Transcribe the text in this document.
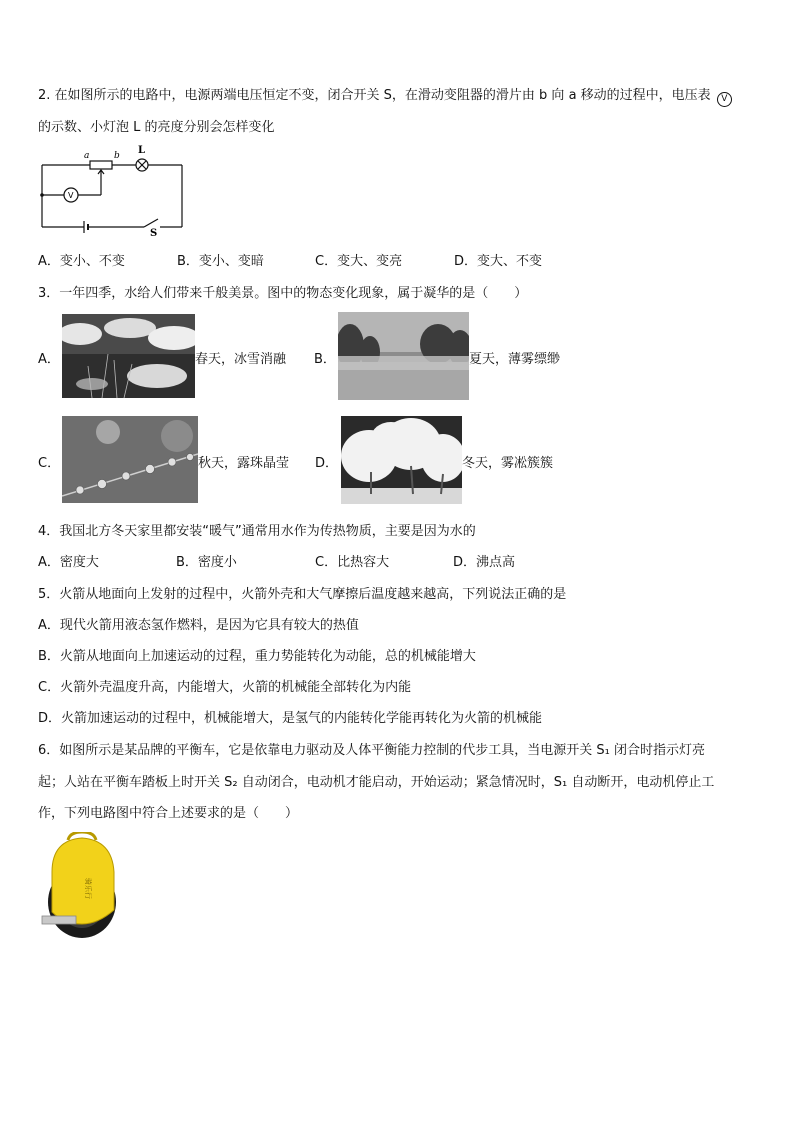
2. 在如图所示的电路中，电源两端电压恒定不变，闭合开关 S，在滑动变阻器的滑片由 b 向 a 移动的过程中，电压表 V
的示数、小灯泡 L 的亮度分别会怎样变化
a	b L
V
S
A．变小、不变	B．变小、变暗	C．变大、变亮	D．变大、不变
3．一年四季，水给人们带来千般美景。图中的物态变化现象，属于凝华的是（　　）
A．	春天，冰雪消融 B．	夏天，薄雾缥缈
C．	秋天，露珠晶莹 D．	冬天，雾凇簇簇
4．我国北方冬天家里都安装“暖气”通常用水作为传热物质，主要是因为水的
A．密度大	B．密度小	C．比热容大	D．沸点高
5．火箭从地面向上发射的过程中，火箭外壳和大气摩擦后温度越来越高，下列说法正确的是
A．现代火箭用液态氢作燃料，是因为它具有较大的热值
B．火箭从地面向上加速运动的过程，重力势能转化为动能，总的机械能增大
C．火箭外壳温度升高，内能增大，火箭的机械能全部转化为内能
D．火箭加速运动的过程中，机械能增大，是氢气的内能转化学能再转化为火箭的机械能
6．如图所示是某品牌的平衡车，它是依靠电力驱动及人体平衡能力控制的代步工具，当电源开关 S₁ 闭合时指示灯亮
起；人站在平衡车踏板上时开关 S₂ 自动闭合，电动机才能启动，开始运动；紧急情况时，S₁ 自动断开，电动机停止工
作，下列电路图中符合上述要求的是（　　）
骑乐行
